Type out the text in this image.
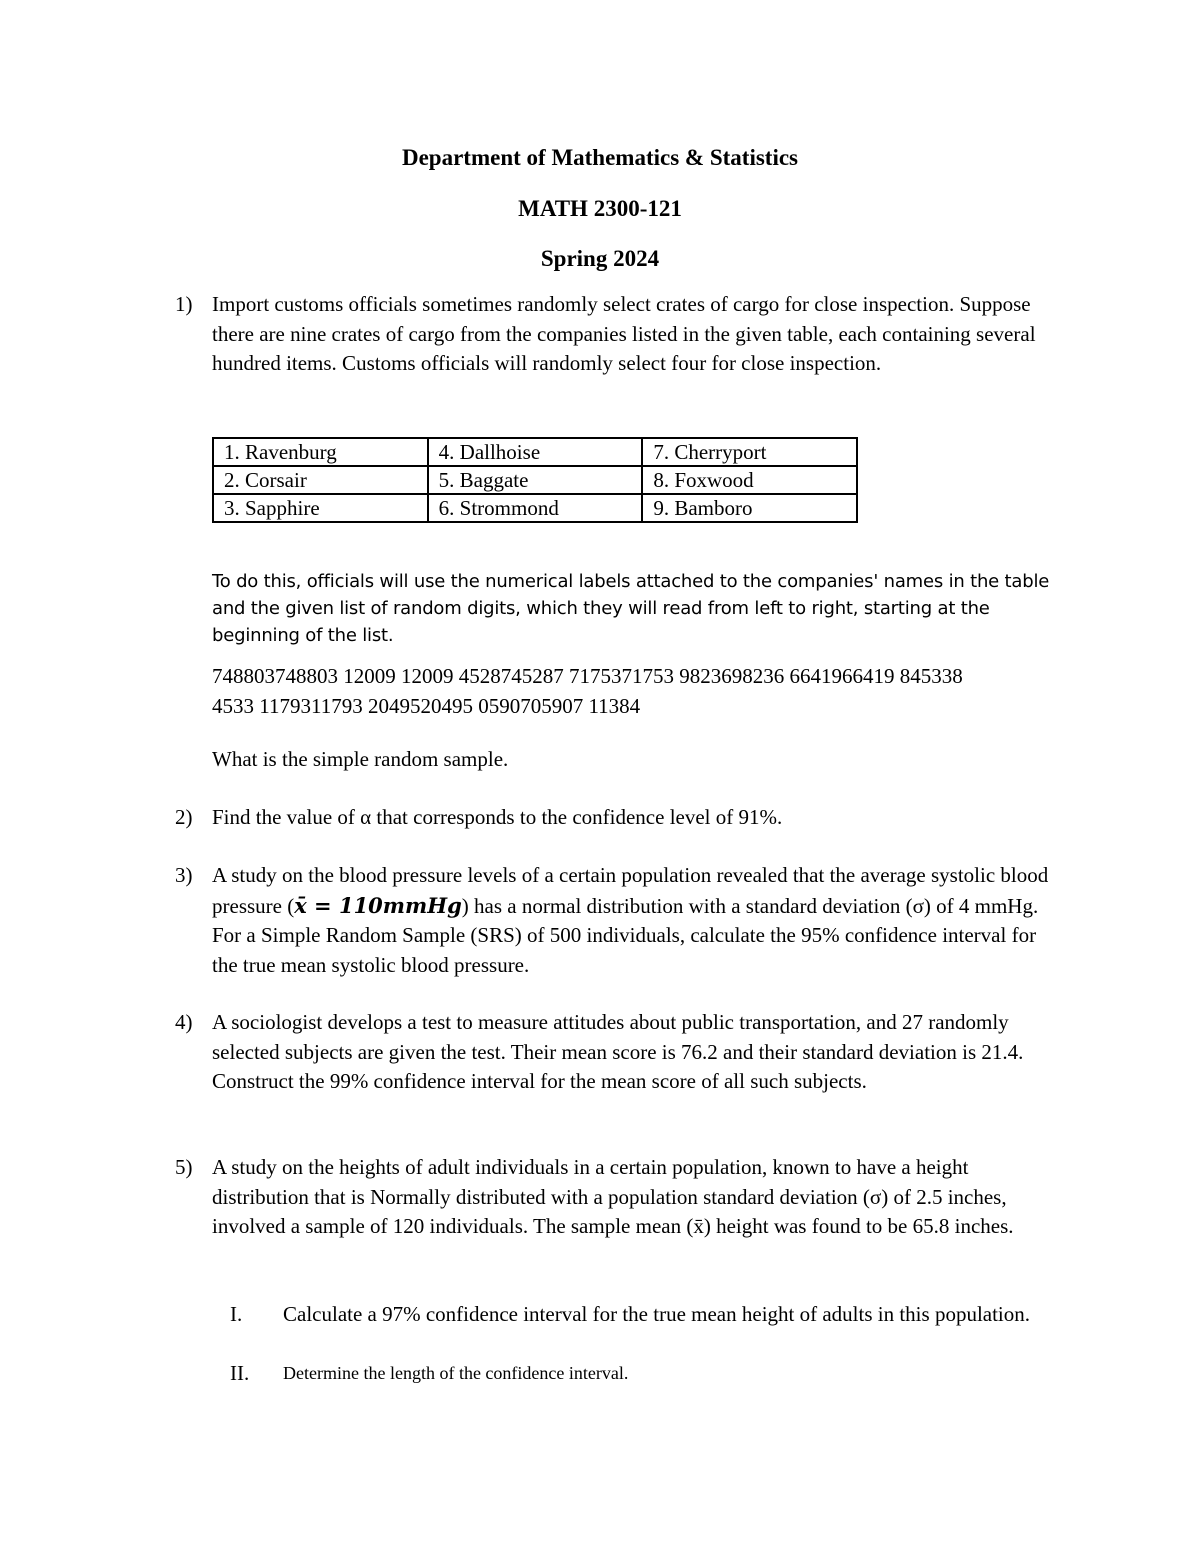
Department of Mathematics & Statistics
MATH 2300-121
Spring 2024
1) Import customs officials sometimes randomly select crates of cargo for close inspection. Suppose there are nine crates of cargo from the companies listed in the given table, each containing several hundred items. Customs officials will randomly select four for close inspection.

1. Ravenburg	4. Dallhoise	7. Cherryport
2. Corsair	5. Baggate	8. Foxwood
3. Sapphire	6. Strommond	9. Bamboro
To do this, officials will use the numerical labels attached to the companies' names in the table and the given list of random digits, which they will read from left to right, starting at the beginning of the list.
748803748803 12009 12009 4528745287 7175371753 9823698236 6641966419 845338
4533 1179311793 2049520495 0590705907 11384
What is the simple random sample.
2) Find the value of α that corresponds to the confidence level of 91%.
3) A study on the blood pressure levels of a certain population revealed that the average systolic blood pressure (x̄ = 110mmHg) has a normal distribution with a standard deviation (σ) of 4 mmHg. For a Simple Random Sample (SRS) of 500 individuals, calculate the 95% confidence interval for the true mean systolic blood pressure.
4) A sociologist develops a test to measure attitudes about public transportation, and 27 randomly selected subjects are given the test. Their mean score is 76.2 and their standard deviation is 21.4. Construct the 99% confidence interval for the mean score of all such subjects.
5) A study on the heights of adult individuals in a certain population, known to have a height distribution that is Normally distributed with a population standard deviation (σ) of 2.5 inches, involved a sample of 120 individuals. The sample mean (x̄) height was found to be 65.8 inches.
I.	Calculate a 97% confidence interval for the true mean height of adults in this population.
II.	Determine the length of the confidence interval.
